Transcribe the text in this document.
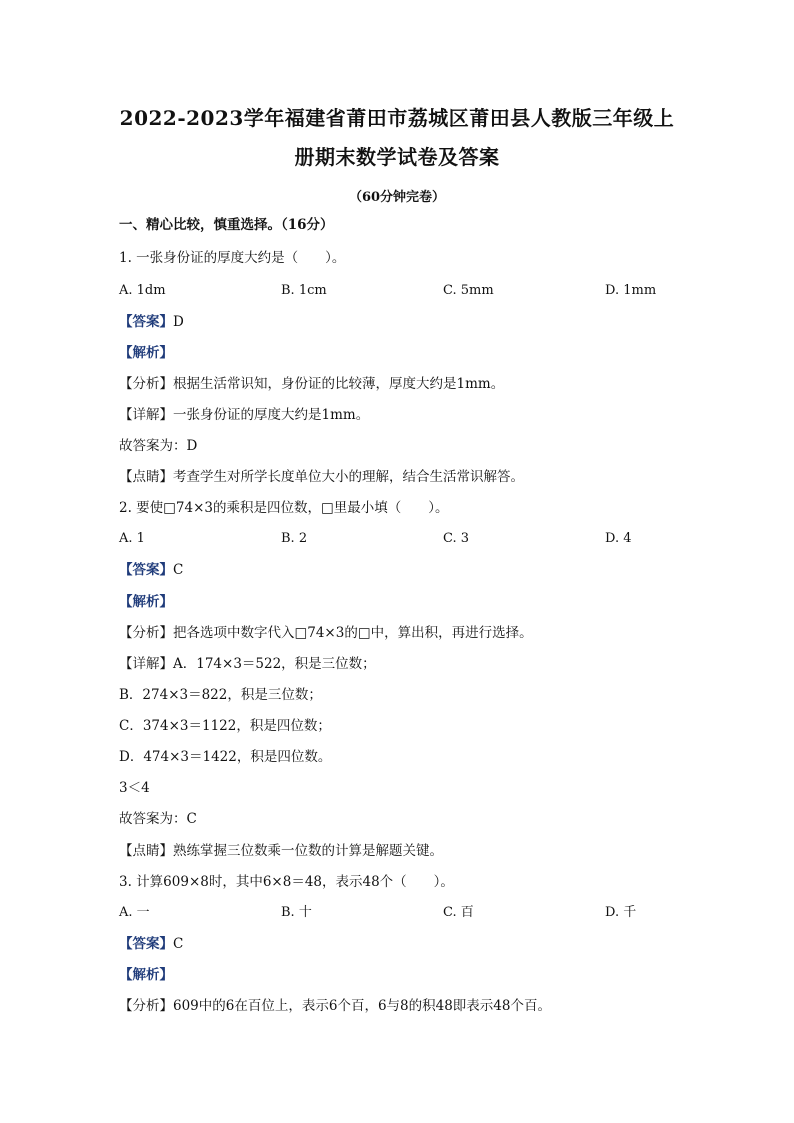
2022-2023学年福建省莆田市荔城区莆田县人教版三年级上
册期末数学试卷及答案
（60分钟完卷）
一、精心比较，慎重选择。（16分）
1. 一张身份证的厚度大约是（　　）。
A. 1dm	B. 1cm	C. 5mm	D. 1mm
【答案】D
【解析】
【分析】根据生活常识知，身份证的比较薄，厚度大约是1mm。
【详解】一张身份证的厚度大约是1mm。
故答案为：D
【点睛】考查学生对所学长度单位大小的理解，结合生活常识解答。
2. 要使□74×3的乘积是四位数，□里最小填（　　）。
A. 1	B. 2	C. 3	D. 4
【答案】C
【解析】
【分析】把各选项中数字代入□74×3的□中，算出积，再进行选择。
【详解】A．174×3＝522，积是三位数；
B．274×3＝822，积是三位数；
C．374×3＝1122，积是四位数；
D．474×3＝1422，积是四位数。
3＜4
故答案为：C
【点睛】熟练掌握三位数乘一位数的计算是解题关键。
3. 计算609×8时，其中6×8＝48，表示48个（　　）。
A. 一	B. 十	C. 百	D. 千
【答案】C
【解析】
【分析】609中的6在百位上，表示6个百，6与8的积48即表示48个百。
